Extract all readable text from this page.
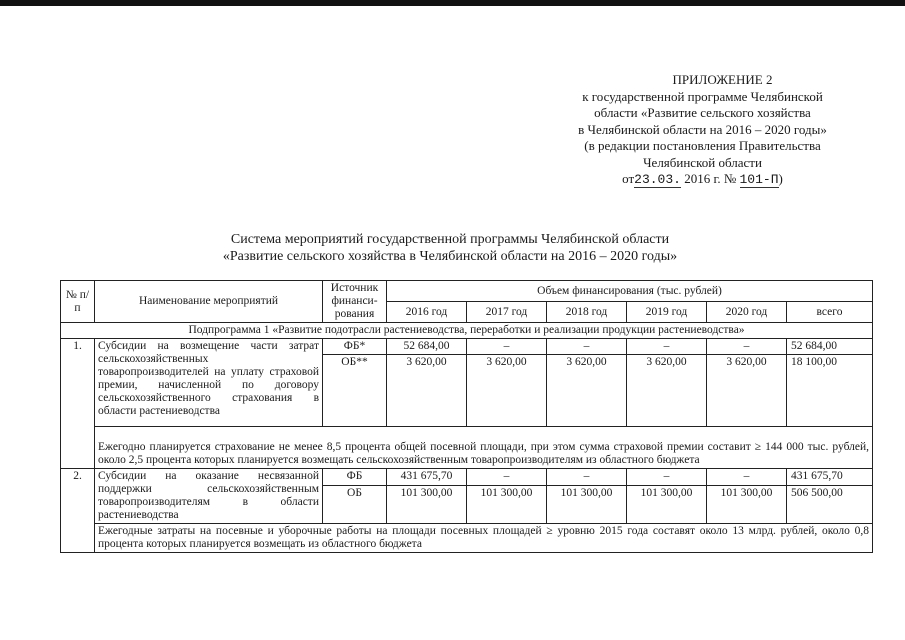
ПРИЛОЖЕНИЕ 2
к государственной программе Челябинской
области «Развитие сельского хозяйства
в Челябинской области на 2016 – 2020 годы»
(в редакции постановления Правительства
Челябинской области
от23.03. 2016 г. № 101-П)
Система мероприятий государственной программы Челябинской области
«Развитие сельского хозяйства в Челябинской области на 2016 – 2020 годы»
№ п/п	Наименование мероприятий	Источник финанси-рования	Объем финансирования (тыс. рублей)					
			2016 год	2017 год	2018 год	2019 год	2020 год	всего
Подпрограмма 1 «Развитие подотрасли растениеводства, переработки и реализации продукции растениеводства»								
1.	Субсидии на возмещение части затрат сельскохозяйственных товаропроизводителей на уплату страховой премии, начисленной по договору сельскохозяйственного страхования в области растениеводства	ФБ*	52 684,00	–	–	–	–	52 684,00
		ОБ**	3 620,00	3 620,00	3 620,00	3 620,00	3 620,00	18 100,00
	Ежегодно планируется страхование не менее 8,5 процента общей посевной площади, при этом сумма страховой премии составит ≥ 144 000 тыс. рублей, около 2,5 процента которых планируется возмещать сельскохозяйственным товаропроизводителям из областного бюджета							
2.	Субсидии на оказание несвязанной поддержки сельскохозяйственным товаропроизводителям в области растениеводства	ФБ	431 675,70	–	–	–	–	431 675,70
		ОБ	101 300,00	101 300,00	101 300,00	101 300,00	101 300,00	506 500,00
	Ежегодные затраты на посевные и уборочные работы на площади посевных площадей ≥ уровню 2015 года составят около 13 млрд. рублей, около 0,8 процента которых планируется возмещать из областного бюджета							
